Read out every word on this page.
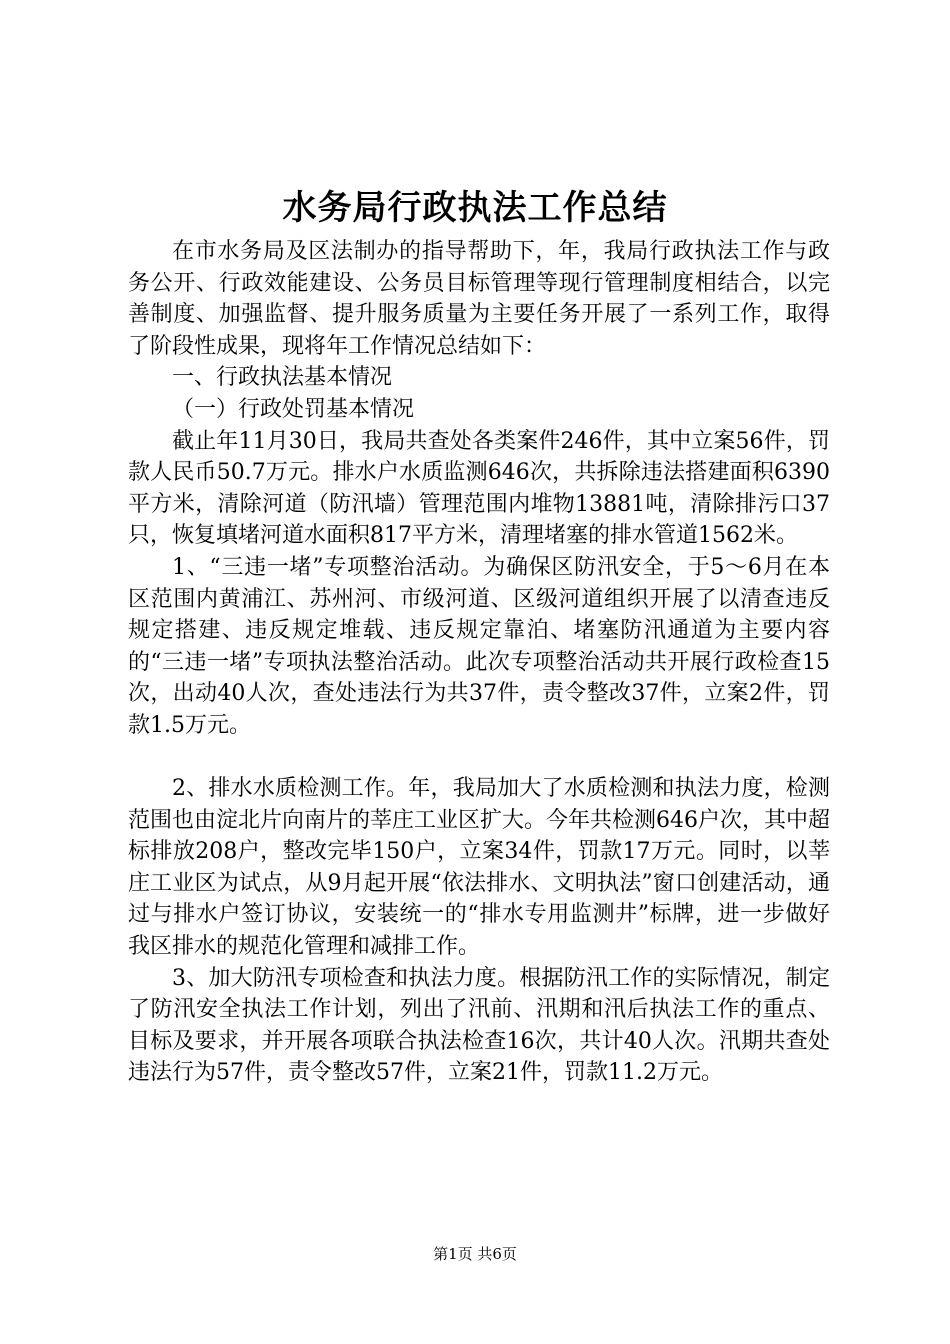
水务局行政执法工作总结

在市水务局及区法制办的指导帮助下，年，我局行政执法工作与政务公开、行政效能建设、公务员目标管理等现行管理制度相结合，以完善制度、加强监督、提升服务质量为主要任务开展了一系列工作，取得了阶段性成果，现将年工作情况总结如下：

一、行政执法基本情况

（一）行政处罚基本情况

截止年11月30日，我局共查处各类案件246件，其中立案56件，罚款人民币50.7万元。排水户水质监测646次，共拆除违法搭建面积6390平方米，清除河道（防汛墙）管理范围内堆物13881吨，清除排污口37只，恢复填堵河道水面积817平方米，清理堵塞的排水管道1562米。

1、“三违一堵”专项整治活动。为确保区防汛安全，于5～6月在本区范围内黄浦江、苏州河、市级河道、区级河道组织开展了以清查违反规定搭建、违反规定堆载、违反规定靠泊、堵塞防汛通道为主要内容的“三违一堵”专项执法整治活动。此次专项整治活动共开展行政检查15次，出动40人次，查处违法行为共37件，责令整改37件，立案2件，罚款1.5万元。

2、排水水质检测工作。年，我局加大了水质检测和执法力度，检测范围也由淀北片向南片的莘庄工业区扩大。今年共检测646户次，其中超标排放208户，整改完毕150户，立案34件，罚款17万元。同时，以莘庄工业区为试点，从9月起开展“依法排水、文明执法”窗口创建活动，通过与排水户签订协议，安装统一的“排水专用监测井”标牌，进一步做好我区排水的规范化管理和减排工作。

3、加大防汛专项检查和执法力度。根据防汛工作的实际情况，制定了防汛安全执法工作计划，列出了汛前、汛期和汛后执法工作的重点、目标及要求，并开展各项联合执法检查16次，共计40人次。汛期共查处违法行为57件，责令整改57件，立案21件，罚款11.2万元。

第1页 共6页
